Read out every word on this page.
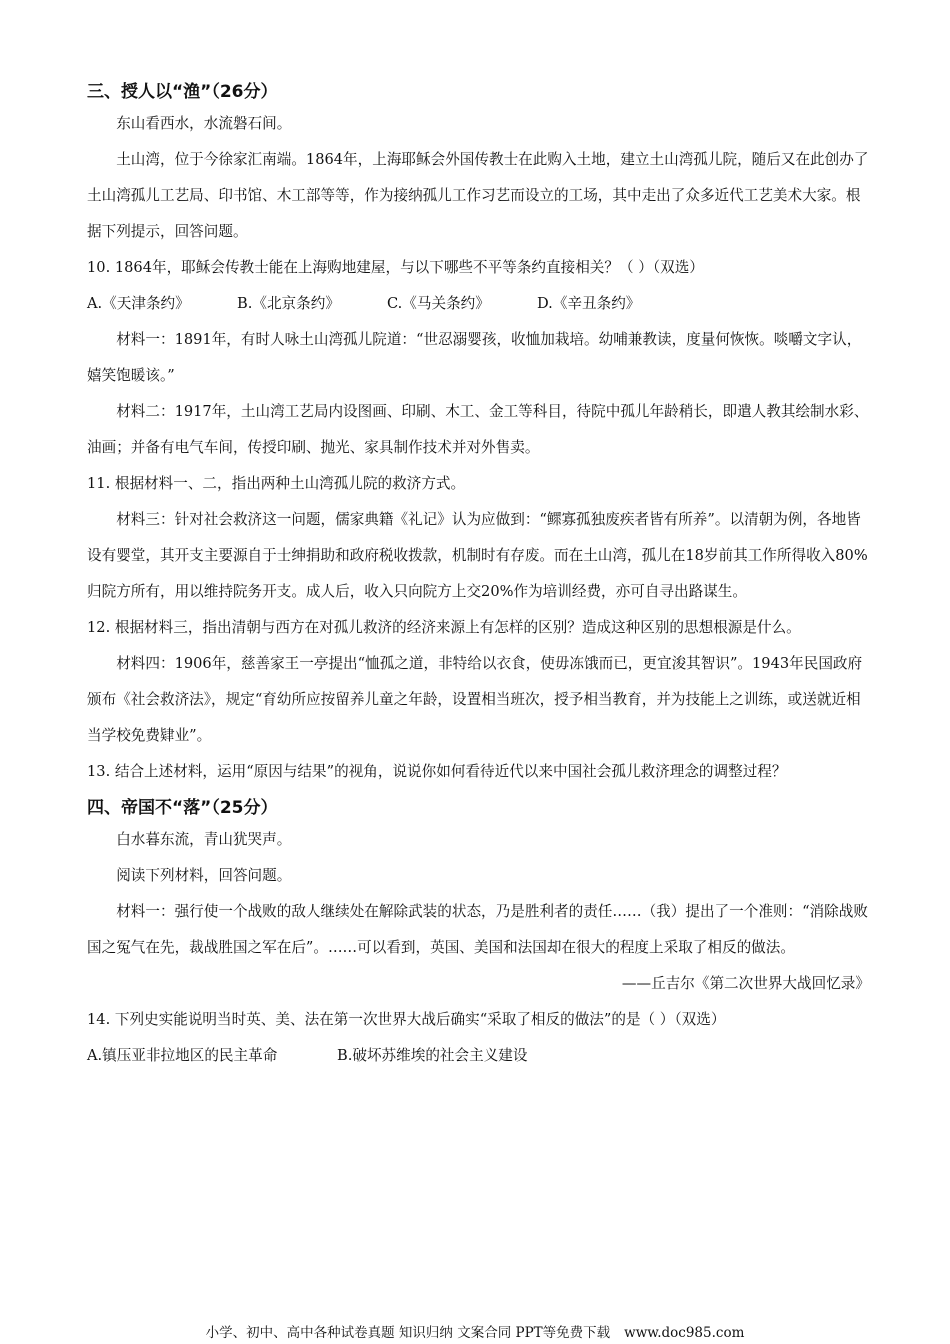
三、授人以“渔”（26分）

东山看西水，水流磐石间。

土山湾，位于今徐家汇南端。1864年，上海耶稣会外国传教士在此购入土地，建立土山湾孤儿院，随后又在此创办了土山湾孤儿工艺局、印书馆、木工部等等，作为接纳孤儿工作习艺而设立的工场，其中走出了众多近代工艺美术大家。根据下列提示，回答问题。

10. 1864年，耶稣会传教士能在上海购地建屋，与以下哪些不平等条约直接相关？（ ）（双选）

A.《天津条约》	B.《北京条约》	C.《马关条约》	D.《辛丑条约》

材料一：1891年，有时人咏土山湾孤儿院道：“世忍溺婴孩，收恤加栽培。幼哺兼教读，度量何恢恢。啖嚼文字认，嬉笑饱暖该。”

材料二：1917年，土山湾工艺局内设图画、印刷、木工、金工等科目，待院中孤儿年龄稍长，即遣人教其绘制水彩、油画；并备有电气车间，传授印刷、抛光、家具制作技术并对外售卖。

11. 根据材料一、二，指出两种土山湾孤儿院的救济方式。

材料三：针对社会救济这一问题，儒家典籍《礼记》认为应做到：“鳏寡孤独废疾者皆有所养”。以清朝为例，各地皆设有婴堂，其开支主要源自于士绅捐助和政府税收拨款，机制时有存废。而在土山湾，孤儿在18岁前其工作所得收入80%归院方所有，用以维持院务开支。成人后，收入只向院方上交20%作为培训经费，亦可自寻出路谋生。

12. 根据材料三，指出清朝与西方在对孤儿救济的经济来源上有怎样的区别？造成这种区别的思想根源是什么。

材料四：1906年，慈善家王一亭提出“恤孤之道，非特给以衣食，使毋冻饿而已，更宜浚其智识”。1943年民国政府颁布《社会救济法》，规定“育幼所应按留养儿童之年龄，设置相当班次，授予相当教育，并为技能上之训练，或送就近相当学校免费肄业”。

13. 结合上述材料，运用“原因与结果”的视角，说说你如何看待近代以来中国社会孤儿救济理念的调整过程？

四、帝国不“落”（25分）

白水暮东流，青山犹哭声。

阅读下列材料，回答问题。

材料一：强行使一个战败的敌人继续处在解除武装的状态，乃是胜利者的责任……（我）提出了一个准则：“消除战败国之冤气在先，裁战胜国之军在后”。……可以看到，英国、美国和法国却在很大的程度上采取了相反的做法。

——丘吉尔《第二次世界大战回忆录》

14. 下列史实能说明当时英、美、法在第一次世界大战后确实“采取了相反的做法”的是（ ）（双选）

A.镇压亚非拉地区的民主革命	B.破坏苏维埃的社会主义建设
小学、初中、高中各种试卷真题 知识归纳 文案合同 PPT等免费下载 www.doc985.com
